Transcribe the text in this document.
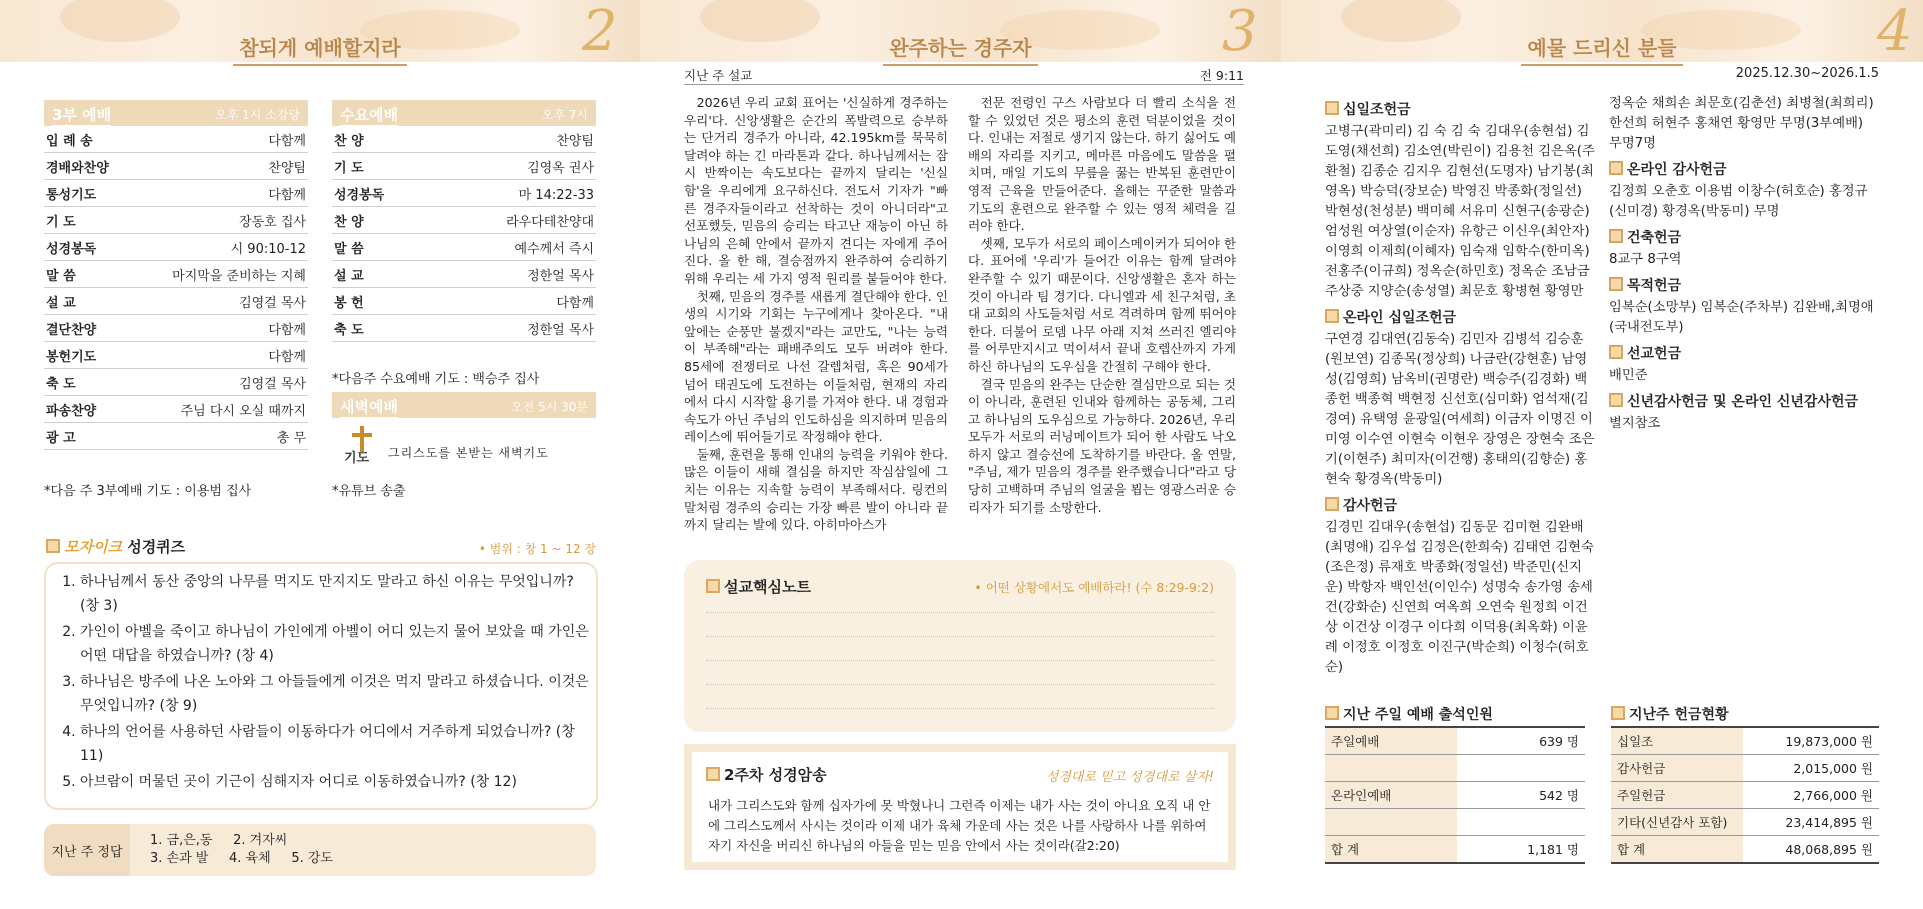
참되게 예배할지라	2
3부 예배	오후 1시 소강당
입 례 송	다함께
경배와찬양	찬양팀
통성기도	다함께
기 도	장동호 집사
성경봉독	시 90:10-12
말 씀	마지막을 준비하는 지혜
설 교	김영걸 목사
결단찬양	다함께
봉헌기도	다함께
축 도	김영걸 목사
파송찬양	주님 다시 오실 때까지
광 고	총 무
*다음 주 3부예배 기도 : 이용범 집사
수요예배	오후 7시
찬 양	찬양팀
기 도	김영옥 권사
성경봉독	마 14:22-33
찬 양	라우다테찬양대
말 씀	예수께서 즉시
설 교	정한얼 목사
봉 헌	다함께
축 도	정한얼 목사
*다음주 수요예배 기도 : 백승주 집사
새벽예배	오전 5시 30분
기도 그리스도를 본받는 새벽기도
*유튜브 송출
모자이크 성경퀴즈	• 범위 : 창 1 ~ 12 장
1. 하나님께서 동산 중앙의 나무를 먹지도 만지지도 말라고 하신 이유는 무엇입니까? (창 3)
2. 가인이 아벨을 죽이고 하나님이 가인에게 아벨이 어디 있는지 물어 보았을 때 가인은 어떤 대답을 하였습니까? (창 4)
3. 하나님은 방주에 나온 노아와 그 아들들에게 이것은 먹지 말라고 하셨습니다. 이것은 무엇입니까? (창 9)
4. 하나의 언어를 사용하던 사람들이 이동하다가 어디에서 거주하게 되었습니까? (창 11)
5. 아브람이 머물던 곳이 기근이 심해지자 어디로 이동하였습니까? (창 12)
지난 주 정답
1. 금,은,동     2. 겨자씨
3. 손과 발     4. 육체     5. 강도
완주하는 경주자	3
지난 주 설교	전 9:11

2026년 우리 교회 표어는 '신실하게 경주하는 우리'다. 신앙생활은 순간의 폭발력으로 승부하는 단거리 경주가 아니라, 42.195km를 묵묵히 달려야 하는 긴 마라톤과 같다. 하나님께서는 잠시 반짝이는 속도보다는 끝까지 달리는 '신실함'을 우리에게 요구하신다. 전도서 기자가 "빠른 경주자들이라고 선착하는 것이 아니더라"고 선포했듯, 믿음의 승리는 타고난 재능이 아닌 하나님의 은혜 안에서 끝까지 견디는 자에게 주어진다. 올 한 해, 결승점까지 완주하여 승리하기 위해 우리는 세 가지 영적 원리를 붙들어야 한다.

첫째, 믿음의 경주를 새롭게 결단해야 한다. 인생의 시기와 기회는 누구에게나 찾아온다. "내 앞에는 순풍만 불겠지"라는 교만도, "나는 능력이 부족해"라는 패배주의도 모두 버려야 한다. 85세에 전쟁터로 나선 갈렙처럼, 혹은 90세가 넘어 태권도에 도전하는 이들처럼, 현재의 자리에서 다시 시작할 용기를 가져야 한다. 내 경험과 속도가 아닌 주님의 인도하심을 의지하며 믿음의 레이스에 뛰어들기로 작정해야 한다.

둘째, 훈련을 통해 인내의 능력을 키워야 한다. 많은 이들이 새해 결심을 하지만 작심삼일에 그치는 이유는 지속할 능력이 부족해서다. 링컨의 말처럼 경주의 승리는 가장 빠른 발이 아니라 끝까지 달리는 발에 있다. 아히마아스가

전문 전령인 구스 사람보다 더 빨리 소식을 전할 수 있었던 것은 평소의 훈련 덕분이었을 것이다. 인내는 저절로 생기지 않는다. 하기 싫어도 예배의 자리를 지키고, 메마른 마음에도 말씀을 펼치며, 매일 기도의 무릎을 꿇는 반복된 훈련만이 영적 근육을 만들어준다. 올해는 꾸준한 말씀과 기도의 훈련으로 완주할 수 있는 영적 체력을 길러야 한다.

셋째, 모두가 서로의 페이스메이커가 되어야 한다. 표어에 '우리'가 들어간 이유는 함께 달려야 완주할 수 있기 때문이다. 신앙생활은 혼자 하는 것이 아니라 팀 경기다. 다니엘과 세 친구처럼, 초대 교회의 사도들처럼 서로 격려하며 함께 뛰어야 한다. 더불어 로뎀 나무 아래 지쳐 쓰러진 엘리야를 어루만지시고 먹이셔서 끝내 호렙산까지 가게 하신 하나님의 도우심을 간절히 구해야 한다.

결국 믿음의 완주는 단순한 결심만으로 되는 것이 아니라, 훈련된 인내와 함께하는 공동체, 그리고 하나님의 도우심으로 가능하다. 2026년, 우리 모두가 서로의 러닝메이트가 되어 한 사람도 낙오하지 않고 결승선에 도착하기를 바란다. 올 연말, "주님, 제가 믿음의 경주를 완주했습니다"라고 당당히 고백하며 주님의 얼굴을 뵙는 영광스러운 승리자가 되기를 소망한다.

설교핵심노트	• 어떤 상황에서도 예배하라! (수 8:29-9:2)
2주차 성경암송	성경대로 믿고 성경대로 살자!
내가 그리스도와 함께 십자가에 못 박혔나니 그런즉 이제는 내가 사는 것이 아니요 오직 내 안에 그리스도께서 사시는 것이라 이제 내가 육체 가운데 사는 것은 나를 사랑하사 나를 위하여 자기 자신을 버리신 하나님의 아들을 믿는 믿음 안에서 사는 것이라(갈2:20)
예물 드리신 분들	4
2025.12.30~2026.1.5
십일조헌금

고병구(곽미리) 김 숙 김 숙 김대우(송현섭) 김도영(채선희) 김소연(박린이) 김용천 김은옥(주환철) 김종순 김지우 김현선(도명자) 남기봉(최영옥) 박승덕(장보순) 박영진 박종화(정일선) 박현성(천성분) 백미혜 서유미 신현구(송광순) 엄성원 여상열(이순자) 유항근 이신우(최안자) 이영희 이제희(이혜자) 임숙재 임학수(한미옥) 전홍주(이규희) 정옥순(하민호) 정옥순 조남금 주상중 지양순(송성열) 최문호 황병현 황영만

온라인 십일조헌금

구연경 김대연(김동숙) 김민자 김병석 김승훈(원보연) 김종목(정상희) 나금란(강현훈) 남영성(김영희) 남옥비(권명란) 백승주(김경화) 백종헌 백종혁 백현정 신선호(심미화) 엄석재(김경여) 유택영 윤광일(여세희) 이금자 이명진 이미영 이수연 이현숙 이현우 장영은 장현숙 조은기(이현주) 최미자(이건행) 홍태의(김향순) 홍현숙 황경옥(박동미)

감사헌금

김경민 김대우(송현섭) 김동문 김미현 김완배(최명애) 김우섭 김정은(한희숙) 김태연 김현숙(조은정) 류재호 박종화(정일선) 박준민(신지운) 박항자 백인선(이인수) 성명숙 송가영 송세건(강화순) 신연희 여옥희 오연숙 원정희 이건상 이건상 이경구 이다희 이덕용(최옥화) 이윤례 이정호 이정호 이진구(박순희) 이청수(허호순)

정옥순 채희손 최문호(김춘선) 최병철(최희리) 한선희 허현주 홍채연 황영만 무명(3부예배) 무명7명

온라인 감사헌금

김정희 오춘호 이용범 이창수(허호순) 홍정규(신미경) 황경옥(박동미) 무명

건축헌금

8교구 8구역

목적헌금

임복순(소망부) 임복순(주차부) 김완배,최명애(국내전도부)

선교헌금

배민준

신년감사헌금 및 온라인 신년감사헌금

별지참조

지난 주일 예배 출석인원
주일예배	639 명

온라인예배	542 명

합 계	1,181 명
지난주 헌금현황
십일조	19,873,000 원
감사헌금	2,015,000 원
주일헌금	2,766,000 원
기타(신년감사 포함)	23,414,895 원
합 계	48,068,895 원
